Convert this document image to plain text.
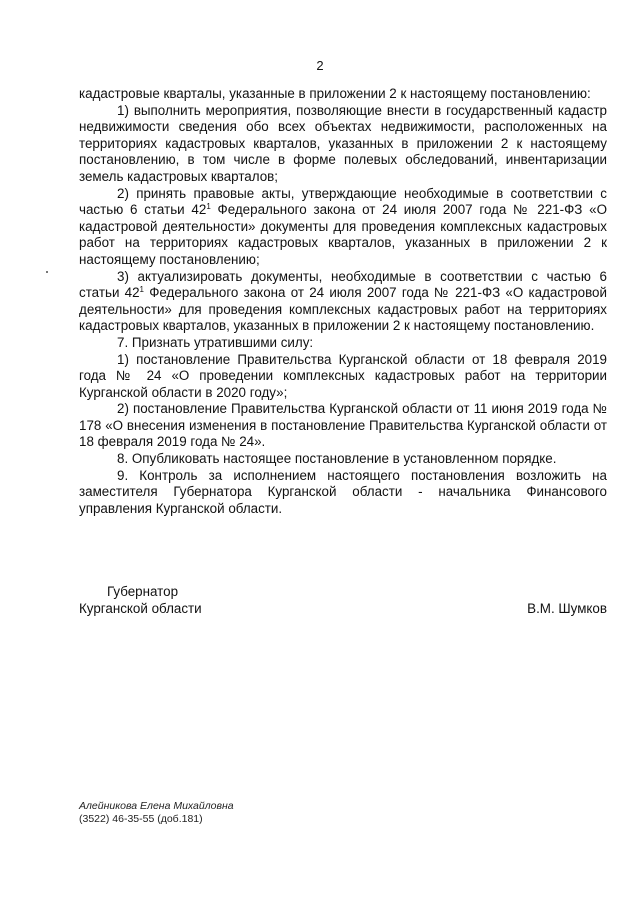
2

кадастровые кварталы, указанные в приложении 2 к настоящему постановлению:

1) выполнить мероприятия, позволяющие внести в государственный кадастр недвижимости сведения обо всех объектах недвижимости, расположенных на территориях кадастровых кварталов, указанных в приложении 2 к настоящему постановлению, в том числе в форме полевых обследований, инвентаризации земель кадастровых кварталов;

2) принять правовые акты, утверждающие необходимые в соответствии с частью 6 статьи $42^1$ Федерального закона от 24 июля 2007 года № 221-ФЗ «О кадастровой деятельности» документы для проведения комплексных кадастровых работ на территориях кадастровых кварталов, указанных в приложении 2 к настоящему постановлению;

3) актуализировать документы, необходимые в соответствии с частью 6 статьи $42^1$ Федерального закона от 24 июля 2007 года № 221-ФЗ «О кадастровой деятельности» для проведения комплексных кадастровых работ на территориях кадастровых кварталов, указанных в приложении 2 к настоящему постановлению.

7. Признать утратившими силу:

1) постановление Правительства Курганской области от 18 февраля 2019 года № 24 «О проведении комплексных кадастровых работ на территории Курганской области в 2020 году»;

2) постановление Правительства Курганской области от 11 июня 2019 года № 178 «О внесения изменения в постановление Правительства Курганской области от 18 февраля 2019 года № 24».

8. Опубликовать настоящее постановление в установленном порядке.

9. Контроль за исполнением настоящего постановления возложить на заместителя Губернатора Курганской области - начальника Финансового управления Курганской области.

Губернатор
Курганской области	В.М. Шумков
Алейникова Елена Михайловна
(3522) 46-35-55 (доб.181)
